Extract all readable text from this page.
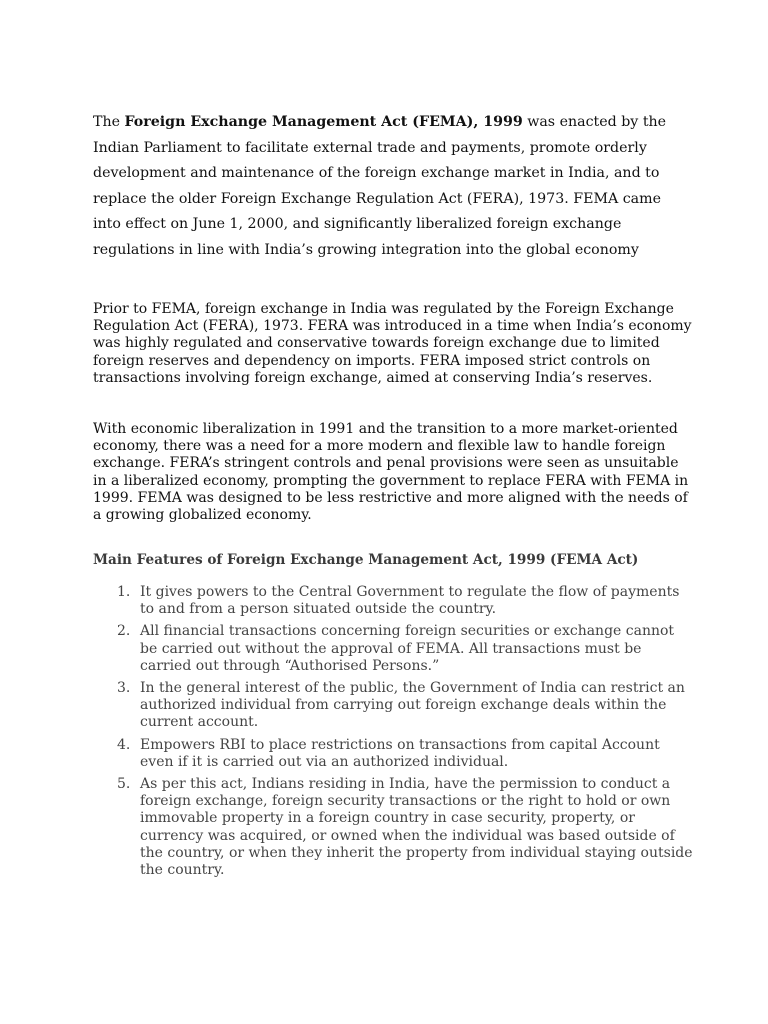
The Foreign Exchange Management Act (FEMA), 1999 was enacted by the Indian Parliament to facilitate external trade and payments, promote orderly development and maintenance of the foreign exchange market in India, and to replace the older Foreign Exchange Regulation Act (FERA), 1973. FEMA came into effect on June 1, 2000, and significantly liberalized foreign exchange regulations in line with India’s growing integration into the global economy

Prior to FEMA, foreign exchange in India was regulated by the Foreign Exchange Regulation Act (FERA), 1973. FERA was introduced in a time when India’s economy was highly regulated and conservative towards foreign exchange due to limited foreign reserves and dependency on imports. FERA imposed strict controls on transactions involving foreign exchange, aimed at conserving India’s reserves.

With economic liberalization in 1991 and the transition to a more market-oriented economy, there was a need for a more modern and flexible law to handle foreign exchange. FERA’s stringent controls and penal provisions were seen as unsuitable in a liberalized economy, prompting the government to replace FERA with FEMA in 1999. FEMA was designed to be less restrictive and more aligned with the needs of a growing globalized economy.

Main Features of Foreign Exchange Management Act, 1999 (FEMA Act)
1. It gives powers to the Central Government to regulate the flow of payments to and from a person situated outside the country.
2. All financial transactions concerning foreign securities or exchange cannot be carried out without the approval of FEMA. All transactions must be carried out through “Authorised Persons.”
3. In the general interest of the public, the Government of India can restrict an authorized individual from carrying out foreign exchange deals within the current account.
4. Empowers RBI to place restrictions on transactions from capital Account even if it is carried out via an authorized individual.
5. As per this act, Indians residing in India, have the permission to conduct a foreign exchange, foreign security transactions or the right to hold or own immovable property in a foreign country in case security, property, or currency was acquired, or owned when the individual was based outside of the country, or when they inherit the property from individual staying outside the country.
